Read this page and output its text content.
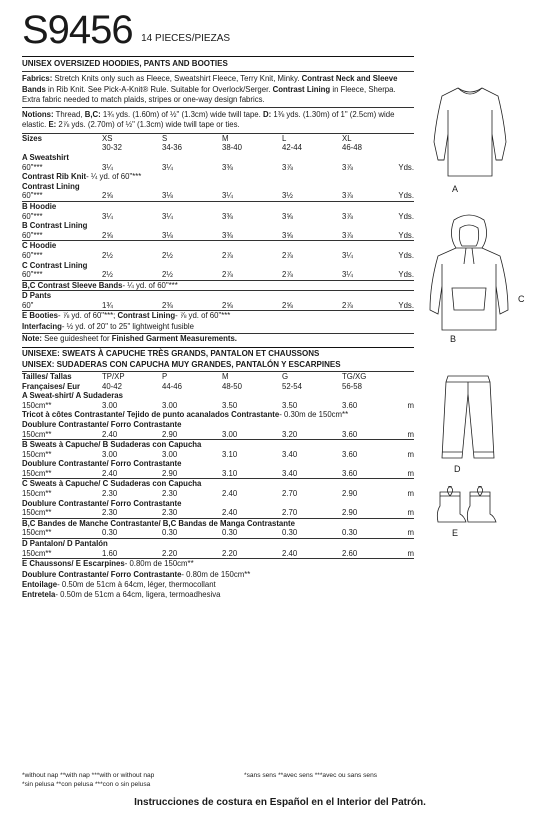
S9456 14 PIECES/PIEZAS
UNISEX OVERSIZED HOODIES, PANTS AND BOOTIES
Fabrics: Stretch Knits only such as Fleece, Sweatshirt Fleece, Terry Knit, Minky. Contrast Neck and Sleeve Bands in Rib Knit. See Pick-A-Knit® Rule. Suitable for Overlock/Serger. Contrast Lining in Fleece, Sherpa. Extra fabric needed to match plaids, stripes or one-way design fabrics.
Notions: Thread, B,C: 1¾ yds. (1.60m) of ½" (1.3cm) wide twill tape. D: 1⅜ yds. (1.30m) of 1" (2.5cm) wide elastic. E: 2⅞ yds. (2.70m) of ½" (1.3cm) wide twill tape or ties.
Sizes	XS	S	M	L	XL	
	30-32	34-36	38-40	42-44	46-48	
A Sweatshirt						
60"***	3¼	3¼	3⅜	3⅞	3⅞	Yds.
Contrast Rib Knit- ¼ yd. of 60"***						
Contrast Lining						
60"***	2⅝	3⅛	3¼	3½	3⅞	Yds.
B Hoodie						
60"***	3¼	3¼	3⅜	3⅝	3⅞	Yds.
B Contrast Lining						
60"***	2⅝	3⅛	3⅜	3⅝	3⅞	Yds.
C Hoodie						
60"***	2½	2½	2⅞	2⅞	3¼	Yds.
C Contrast Lining						
60"***	2½	2½	2⅞	2⅞	3¼	Yds.
B,C Contrast Sleeve Bands- ¼ yd. of 60"***						
D Pants						
60"	1¾	2⅜	2⅝	2⅝	2⅞	Yds.
E Booties- ⅞ yd. of 60"***; Contrast Lining- ⅞ yd. of 60"***
Interfacing- ½ yd. of 20" to 25" lightweight fusible
Note: See guidesheet for Finished Garment Measurements.
UNISEXE: SWEATS À CAPUCHE TRÈS GRANDS, PANTALON ET CHAUSSONS
UNISEX: SUDADERAS CON CAPUCHA MUY GRANDES, PANTALÓN Y ESCARPINES
Tailles/ Tallas	TP/XP	P	M	G	TG/XG	
Françaises/ Eur	40-42	44-46	48-50	52-54	56-58	
A Sweat-shirt/ A Sudaderas						
150cm**	3.00	3.00	3.50	3.50	3.60	m
Tricot à côtes Contrastante/ Tejido de punto acanalados Contrastante- 0.30m de 150cm**						
Doublure Contrastante/ Forro Contrastante						
150cm**	2.40	2.90	3.00	3.20	3.60	m
B Sweats à Capuche/ B Sudaderas con Capucha						
150cm**	3.00	3.00	3.10	3.40	3.60	m
Doublure Contrastante/ Forro Contrastante						
150cm**	2.40	2.90	3.10	3.40	3.60	m
C Sweats à Capuche/ C Sudaderas con Capucha						
150cm**	2.30	2.30	2.40	2.70	2.90	m
Doublure Contrastante/ Forro Contrastante						
150cm**	2.30	2.30	2.40	2.70	2.90	m
B,C Bandes de Manche Contrastante/ B,C Bandas de Manga Contrastante						
150cm**	0.30	0.30	0.30	0.30	0.30	m
D Pantalon/ D Pantalón						
150cm**	1.60	2.20	2.20	2.40	2.60	m
E Chaussons/ E Escarpines- 0.80m de 150cm**
Doublure Contrastante/ Forro Contrastante- 0.80m de 150cm**
Entoilage- 0.50m de 51cm à 64cm, léger, thermocollant
Entretela- 0.50m de 51cm a 64cm, ligera, termoadhesiva
A
C
B
D
E
*without nap **with nap ***with or without nap
*sin pelusa **con pelusa ***con o sin pelusa
*sans sens **avec sens ***avec ou sans sens
Instrucciones de costura en Español en el Interior del Patrón.
